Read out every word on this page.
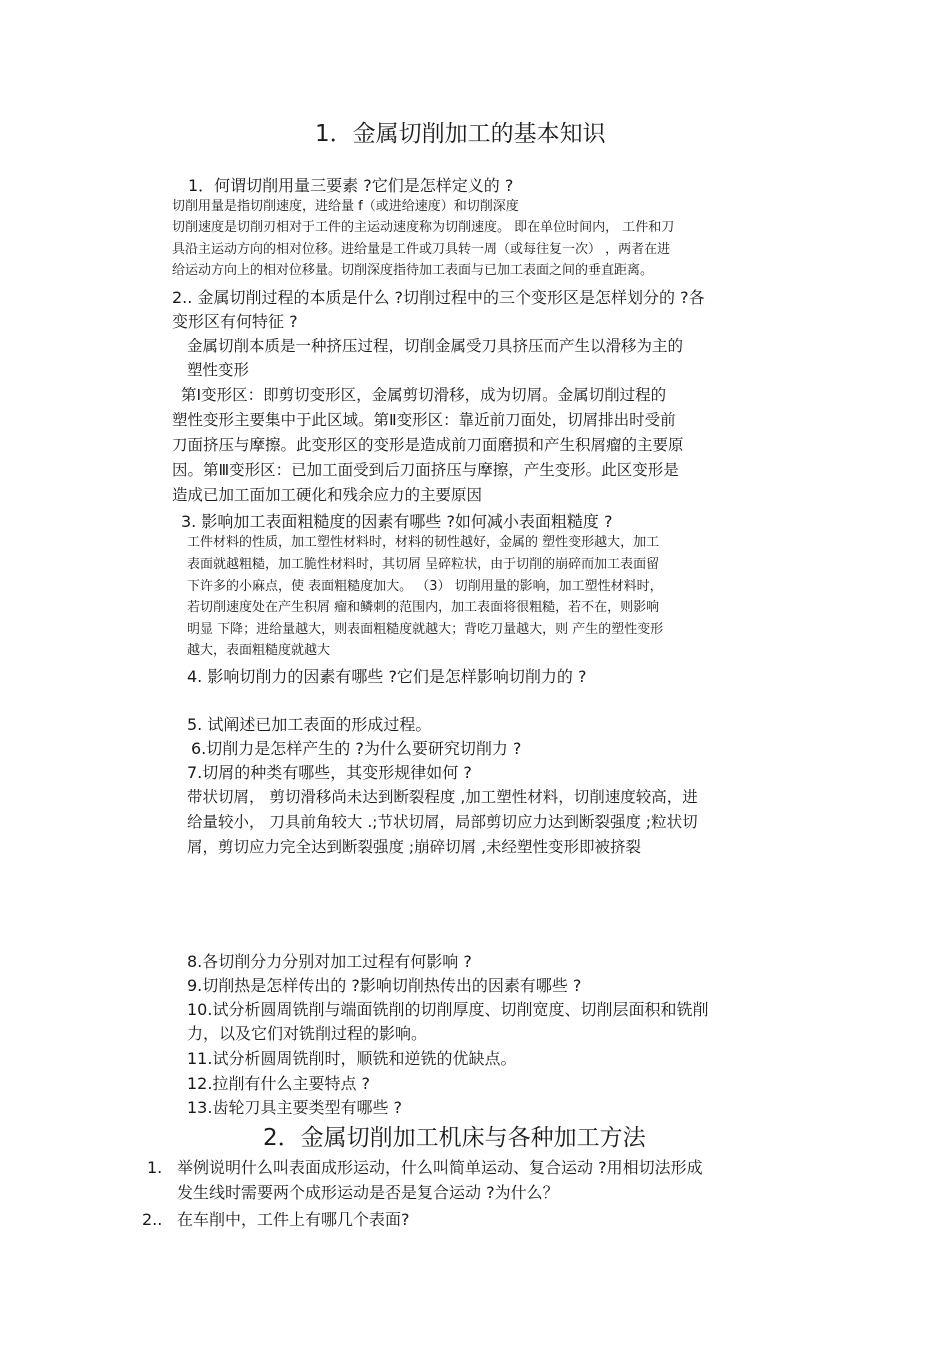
1．金属切削加工的基本知识
1．何谓切削用量三要素 ?它们是怎样定义的 ?
切削用量是指切削速度，进给量 f（或进给速度）和切削深度
切削速度是切削刃相对于工件的主运动速度称为切削速度。 即在单位时间内， 工件和刀
具沿主运动方向的相对位移。进给量是工件或刀具转一周（或每往复一次） ，两者在进
给运动方向上的相对位移量。切削深度指待加工表面与已加工表面之间的垂直距离。
2.. 金属切削过程的本质是什么 ?切削过程中的三个变形区是怎样划分的 ?各
变形区有何特征 ?
金属切削本质是一种挤压过程，切削金属受刀具挤压而产生以滑移为主的
塑性变形
第Ⅰ变形区：即剪切变形区，金属剪切滑移，成为切屑。金属切削过程的
塑性变形主要集中于此区域。第Ⅱ变形区：靠近前刀面处，切屑排出时受前
刀面挤压与摩擦。此变形区的变形是造成前刀面磨损和产生积屑瘤的主要原
因。第Ⅲ变形区：已加工面受到后刀面挤压与摩擦，产生变形。此区变形是
造成已加工面加工硬化和残余应力的主要原因
3. 影响加工表面粗糙度的因素有哪些 ?如何减小表面粗糙度 ?
工件材料的性质，加工塑性材料时，材料的韧性越好，金属的 塑性变形越大，加工
表面就越粗糙，加工脆性材料时，其切屑 呈碎粒状，由于切削的崩碎而加工表面留
下许多的小麻点，使 表面粗糙度加大。 （3） 切削用量的影响，加工塑性材料时，
若切削速度处在产生积屑 瘤和鳞刺的范围内，加工表面将很粗糙，若不在，则影响
明显 下降；进给量越大，则表面粗糙度就越大；背吃刀量越大，则 产生的塑性变形
越大，表面粗糙度就越大
4. 影响切削力的因素有哪些 ?它们是怎样影响切削力的 ?
5. 试阐述已加工表面的形成过程。
6.切削力是怎样产生的 ?为什么要研究切削力 ?
7.切屑的种类有哪些，其变形规律如何 ?
带状切屑， 剪切滑移尚未达到断裂程度 ,加工塑性材料，切削速度较高，进
给量较小， 刀具前角较大 .;节状切屑，局部剪切应力达到断裂强度 ;粒状切
屑，剪切应力完全达到断裂强度 ;崩碎切屑 ,未经塑性变形即被挤裂
8.各切削分力分别对加工过程有何影响 ?
9.切削热是怎样传出的 ?影响切削热传出的因素有哪些 ?
10.试分析圆周铣削与端面铣削的切削厚度、切削宽度、切削层面积和铣削
力，以及它们对铣削过程的影响。
11.试分析圆周铣削时，顺铣和逆铣的优缺点。
12.拉削有什么主要特点 ?
13.齿轮刀具主要类型有哪些 ?
2．金属切削加工机床与各种加工方法
1. 举例说明什么叫表面成形运动，什么叫简单运动、复合运动 ?用相切法形成
发生线时需要两个成形运动是否是复合运动 ?为什么？
2.. 在车削中，工件上有哪几个表面?
